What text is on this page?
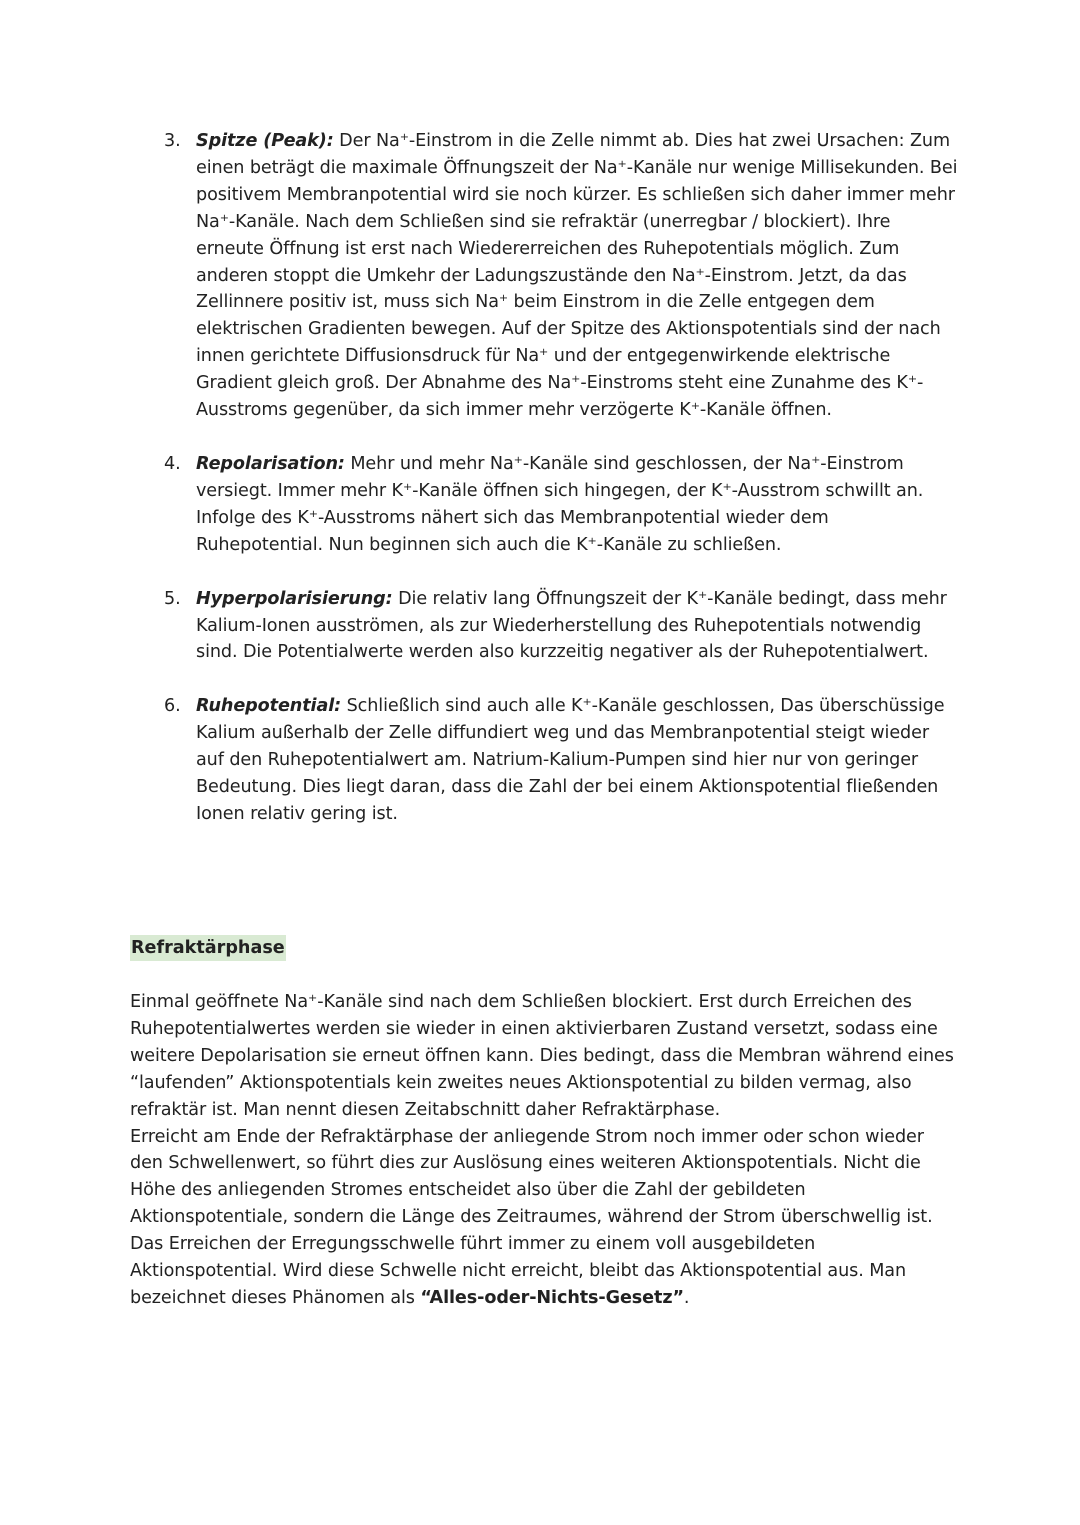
3. Spitze (Peak): Der Na⁺-Einstrom in die Zelle nimmt ab. Dies hat zwei Ursachen: Zum einen beträgt die maximale Öffnungszeit der Na⁺-Kanäle nur wenige Millisekunden. Bei positivem Membranpotential wird sie noch kürzer. Es schließen sich daher immer mehr Na⁺-Kanäle. Nach dem Schließen sind sie refraktär (unerregbar / blockiert). Ihre erneute Öffnung ist erst nach Wiedererreichen des Ruhepotentials möglich. Zum anderen stoppt die Umkehr der Ladungszustände den Na⁺-Einstrom. Jetzt, da das Zellinnere positiv ist, muss sich Na⁺ beim Einstrom in die Zelle entgegen dem elektrischen Gradienten bewegen. Auf der Spitze des Aktionspotentials sind der nach innen gerichtete Diffusionsdruck für Na⁺ und der entgegenwirkende elektrische Gradient gleich groß. Der Abnahme des Na⁺-Einstroms steht eine Zunahme des K⁺-Ausstroms gegenüber, da sich immer mehr verzögerte K⁺-Kanäle öffnen.
4. Repolarisation: Mehr und mehr Na⁺-Kanäle sind geschlossen, der Na⁺-Einstrom versiegt. Immer mehr K⁺-Kanäle öffnen sich hingegen, der K⁺-Ausstrom schwillt an. Infolge des K⁺-Ausstroms nähert sich das Membranpotential wieder dem Ruhepotential. Nun beginnen sich auch die K⁺-Kanäle zu schließen.
5. Hyperpolarisierung: Die relativ lang Öffnungszeit der K⁺-Kanäle bedingt, dass mehr Kalium-Ionen ausströmen, als zur Wiederherstellung des Ruhepotentials notwendig sind. Die Potentialwerte werden also kurzzeitig negativer als der Ruhepotentialwert.
6. Ruhepotential: Schließlich sind auch alle K⁺-Kanäle geschlossen, Das überschüssige Kalium außerhalb der Zelle diffundiert weg und das Membranpotential steigt wieder auf den Ruhepotentialwert am. Natrium-Kalium-Pumpen sind hier nur von geringer Bedeutung. Dies liegt daran, dass die Zahl der bei einem Aktionspotential fließenden Ionen relativ gering ist.
Refraktärphase

Einmal geöffnete Na⁺-Kanäle sind nach dem Schließen blockiert. Erst durch Erreichen des Ruhepotentialwertes werden sie wieder in einen aktivierbaren Zustand versetzt, sodass eine weitere Depolarisation sie erneut öffnen kann. Dies bedingt, dass die Membran während eines “laufenden” Aktionspotentials kein zweites neues Aktionspotential zu bilden vermag, also refraktär ist. Man nennt diesen Zeitabschnitt daher Refraktärphase.

Erreicht am Ende der Refraktärphase der anliegende Strom noch immer oder schon wieder den Schwellenwert, so führt dies zur Auslösung eines weiteren Aktionspotentials. Nicht die Höhe des anliegenden Stromes entscheidet also über die Zahl der gebildeten Aktionspotentiale, sondern die Länge des Zeitraumes, während der Strom überschwellig ist. Das Erreichen der Erregungsschwelle führt immer zu einem voll ausgebildeten Aktionspotential. Wird diese Schwelle nicht erreicht, bleibt das Aktionspotential aus. Man bezeichnet dieses Phänomen als “Alles-oder-Nichts-Gesetz”.
